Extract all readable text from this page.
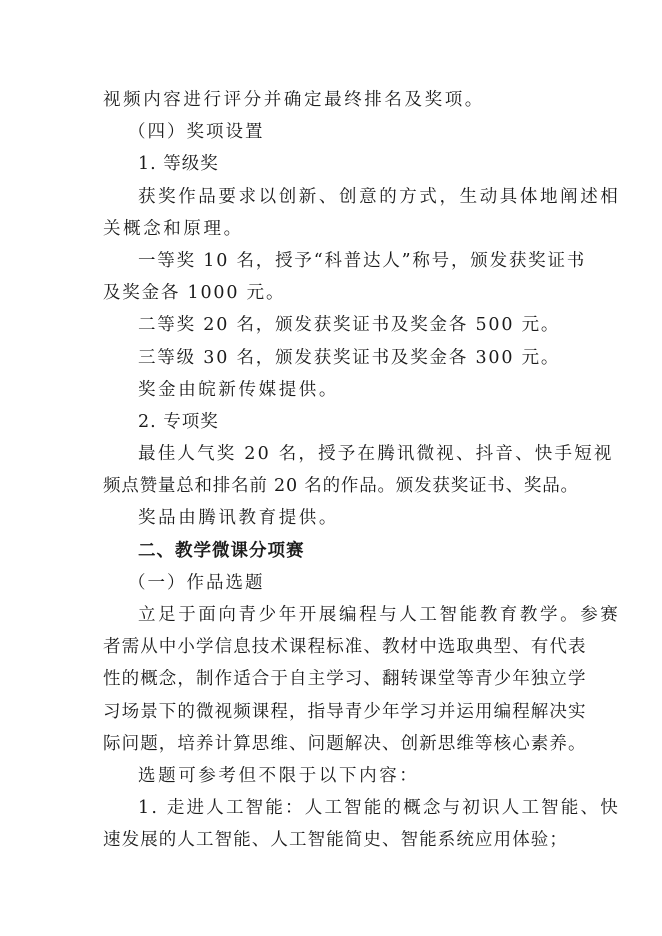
视频内容进行评分并确定最终排名及奖项。
（四）奖项设置
1. 等级奖
获奖作品要求以创新、创意的方式，生动具体地阐述相
关概念和原理。
一等奖 10 名，授予“科普达人”称号，颁发获奖证书
及奖金各 1000 元。
二等奖 20 名，颁发获奖证书及奖金各 500 元。
三等级 30 名，颁发获奖证书及奖金各 300 元。
奖金由皖新传媒提供。
2. 专项奖
最佳人气奖 20 名，授予在腾讯微视、抖音、快手短视
频点赞量总和排名前 20 名的作品。颁发获奖证书、奖品。
奖品由腾讯教育提供。
二、教学微课分项赛
（一）作品选题
立足于面向青少年开展编程与人工智能教育教学。参赛
者需从中小学信息技术课程标准、教材中选取典型、有代表
性的概念，制作适合于自主学习、翻转课堂等青少年独立学
习场景下的微视频课程，指导青少年学习并运用编程解决实
际问题，培养计算思维、问题解决、创新思维等核心素养。
选题可参考但不限于以下内容：
1. 走进人工智能：人工智能的概念与初识人工智能、快
速发展的人工智能、人工智能简史、智能系统应用体验；
